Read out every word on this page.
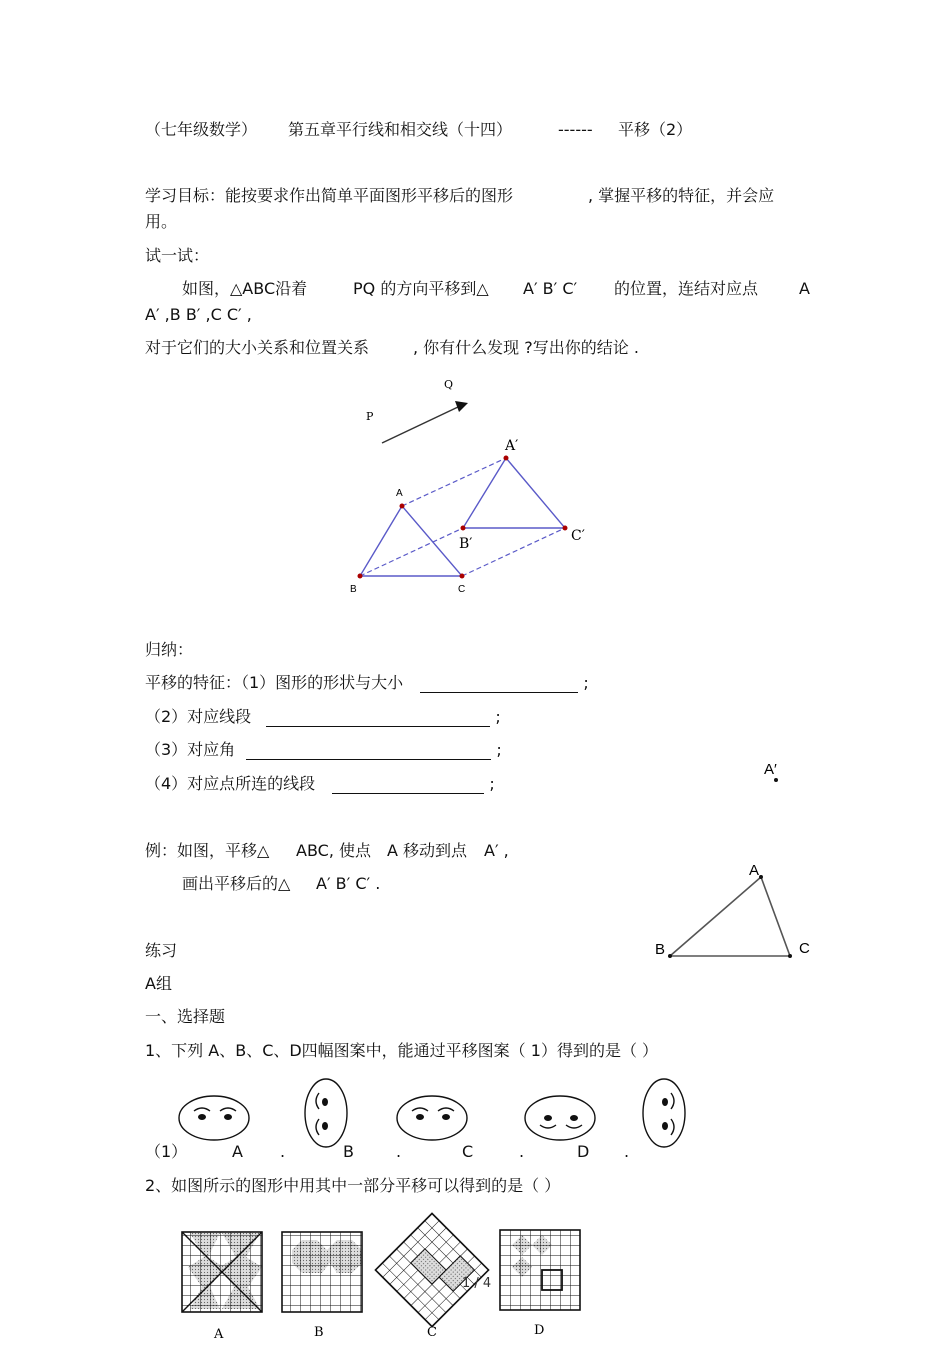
（七年级数学） 第五章平行线和相交线（十四）	------ 平移（2）
学习目标：能按要求作出简单平面图形平移后的图形	, 掌握平移的特征，并会应
用。
试一试：
如图，△ABC沿着	PQ 的方向平移到△ A′ B′ C′ 的位置，连结对应点	A
A′ ,B B′ ,C C′ ,
对于它们的大小关系和位置关系	, 你有什么发现 ?写出你的结论 .
P
Q
A
B	C
A′
B′	C′
归纳：
平移的特征：（1）图形的形状与大小	;
（2）对应线段	;
（3）对应角	;
（4）对应点所连的线段	;
例：如图，平移△ ABC, 使点 A 移动到点 A′ ,
画出平移后的△ A′ B′ C′ .
A′
A
B	C
练习
A组
一、选择题
1、下列 A、B、C、D四幅图案中，能通过平移图案（ 1）得到的是（ ）
（1）	A .	B	.	C	.	D .
2、如图所示的图形中用其中一部分平移可以得到的是（ ）
A	B	C	D
1 / 4
